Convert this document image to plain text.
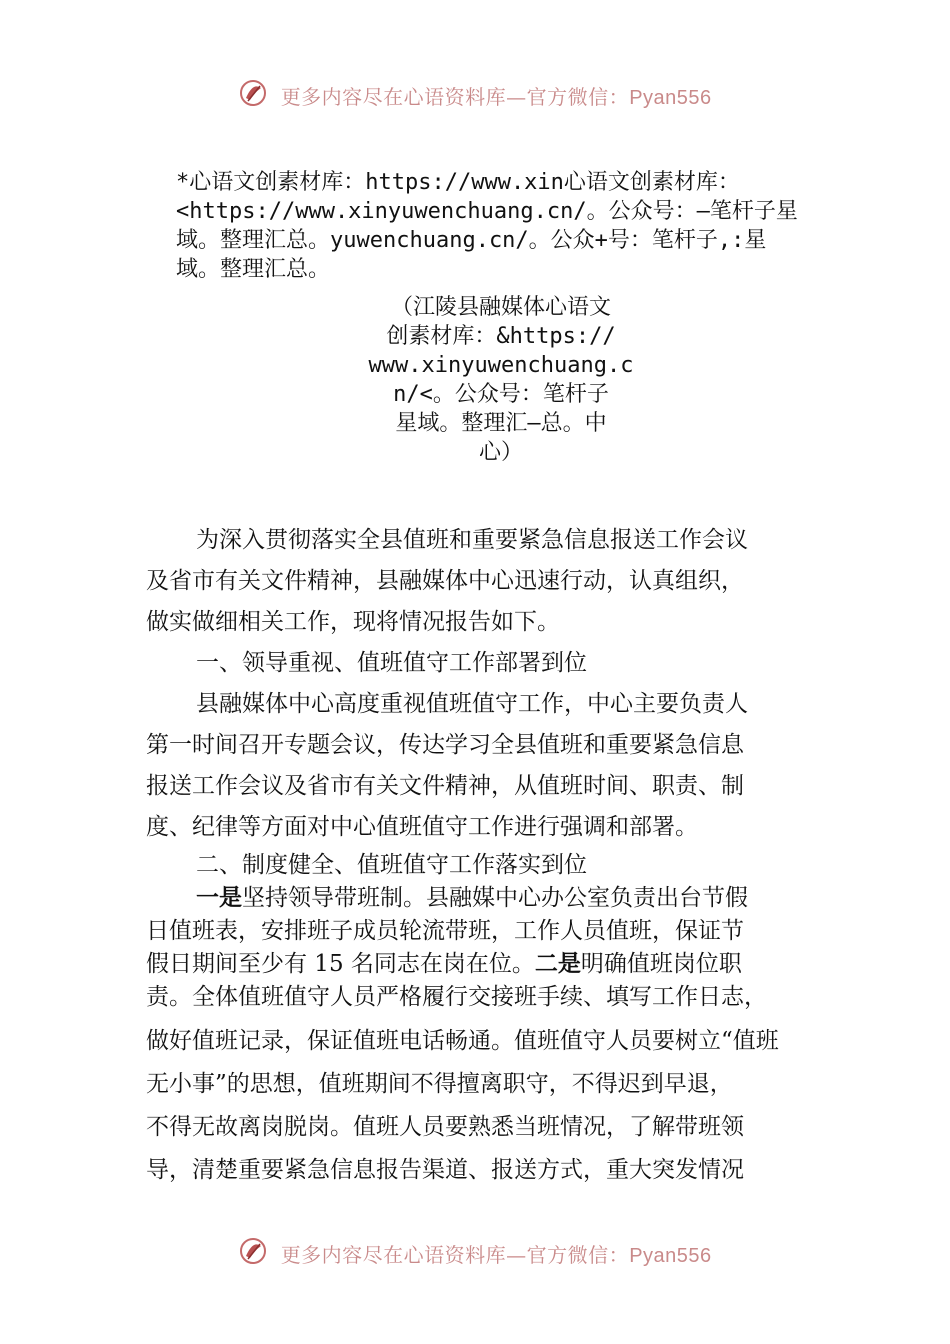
更多内容尽在心语资料库—官方微信：Pyan556

*心语文创素材库：https://www.xin心语文创素材库：

<https://www.xinyuwenchuang.cn/。公众号：—笔杆子星

域。整理汇总。yuwenchuang.cn/。公众+号：笔杆子,:星

域。整理汇总。

（江陵县融媒体心语文

创素材库：&https://

www.xinyuwenchuang.c

n/<。公众号：笔杆子

星域。整理汇—总。中

心）

为深入贯彻落实全县值班和重要紧急信息报送工作会议

及省市有关文件精神，县融媒体中心迅速行动，认真组织，

做实做细相关工作，现将情况报告如下。

一、领导重视、值班值守工作部署到位

县融媒体中心高度重视值班值守工作，中心主要负责人

第一时间召开专题会议，传达学习全县值班和重要紧急信息

报送工作会议及省市有关文件精神，从值班时间、职责、制

度、纪律等方面对中心值班值守工作进行强调和部署。

二、制度健全、值班值守工作落实到位

一是坚持领导带班制。县融媒中心办公室负责出台节假

日值班表，安排班子成员轮流带班，工作人员值班，保证节

假日期间至少有 15 名同志在岗在位。二是明确值班岗位职

责。全体值班值守人员严格履行交接班手续、填写工作日志，

做好值班记录，保证值班电话畅通。值班值守人员要树立“值班

无小事”的思想，值班期间不得擅离职守，不得迟到早退，

不得无故离岗脱岗。值班人员要熟悉当班情况，了解带班领

导，清楚重要紧急信息报告渠道、报送方式，重大突发情况

更多内容尽在心语资料库—官方微信：Pyan556
